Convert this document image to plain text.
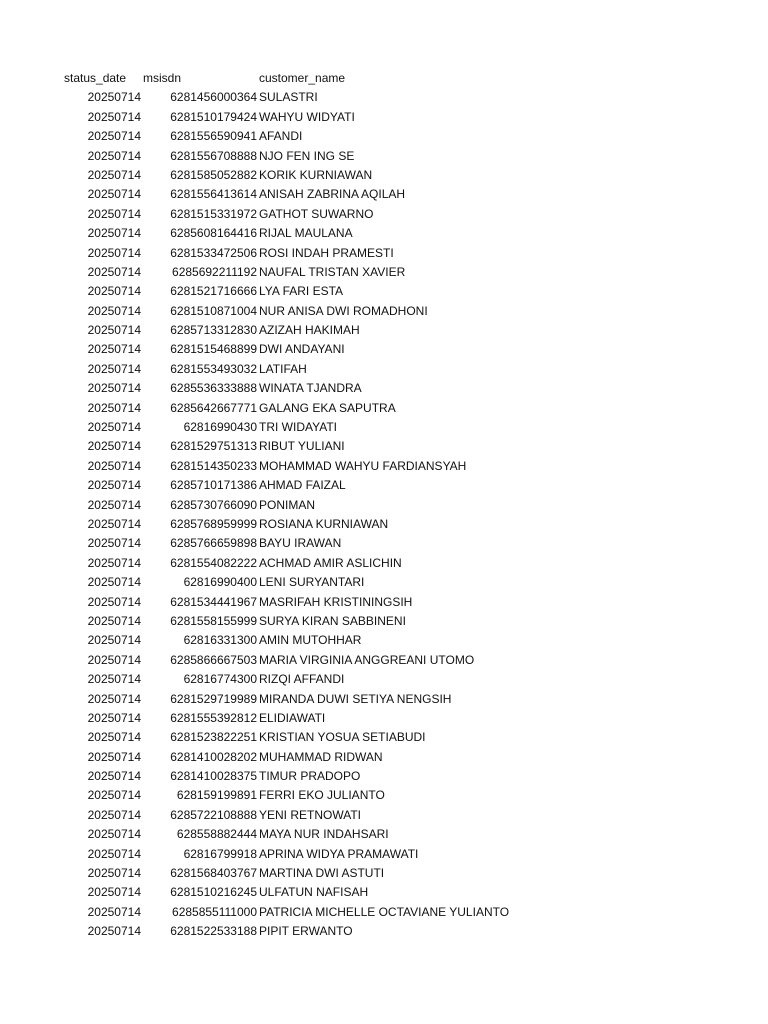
status_date msisdn	customer_name
20250714 6281456000364 SULASTRI
20250714 6281510179424 WAHYU WIDYATI
20250714 6281556590941 AFANDI
20250714 6281556708888 NJO FEN ING SE
20250714 6281585052882 KORIK KURNIAWAN
20250714 6281556413614 ANISAH ZABRINA AQILAH
20250714 6281515331972 GATHOT SUWARNO
20250714 6285608164416 RIJAL MAULANA
20250714 6281533472506 ROSI INDAH PRAMESTI
20250714	6285692211192 NAUFAL TRISTAN XAVIER
20250714 6281521716666 LYA FARI ESTA
20250714 6281510871004 NUR ANISA DWI ROMADHONI
20250714 6285713312830 AZIZAH HAKIMAH
20250714 6281515468899 DWI ANDAYANI
20250714 6281553493032 LATIFAH
20250714 6285536333888 WINATA TJANDRA
20250714 6285642667771 GALANG EKA SAPUTRA
20250714	62816990430 TRI WIDAYATI
20250714 6281529751313 RIBUT YULIANI
20250714 6281514350233 MOHAMMAD WAHYU FARDIANSYAH
20250714 6285710171386 AHMAD FAIZAL
20250714 6285730766090 PONIMAN
20250714 6285768959999 ROSIANA KURNIAWAN
20250714 6285766659898 BAYU IRAWAN
20250714 6281554082222 ACHMAD AMIR ASLICHIN
20250714	62816990400 LENI SURYANTARI
20250714 6281534441967 MASRIFAH KRISTININGSIH
20250714 6281558155999 SURYA KIRAN SABBINENI
20250714	62816331300 AMIN MUTOHHAR
20250714 6285866667503 MARIA VIRGINIA ANGGREANI UTOMO
20250714	62816774300 RIZQI AFFANDI
20250714 6281529719989 MIRANDA DUWI SETIYA NENGSIH
20250714 6281555392812 ELIDIAWATI
20250714 6281523822251 KRISTIAN YOSUA SETIABUDI
20250714 6281410028202 MUHAMMAD RIDWAN
20250714 6281410028375 TIMUR PRADOPO
20250714	628159199891 FERRI EKO JULIANTO
20250714 6285722108888 YENI RETNOWATI
20250714	628558882444 MAYA NUR INDAHSARI
20250714	62816799918 APRINA WIDYA PRAMAWATI
20250714 6281568403767 MARTINA DWI ASTUTI
20250714 6281510216245 ULFATUN NAFISAH
20250714	6285855111000 PATRICIA MICHELLE OCTAVIANE YULIANTO
20250714 6281522533188 PIPIT ERWANTO
